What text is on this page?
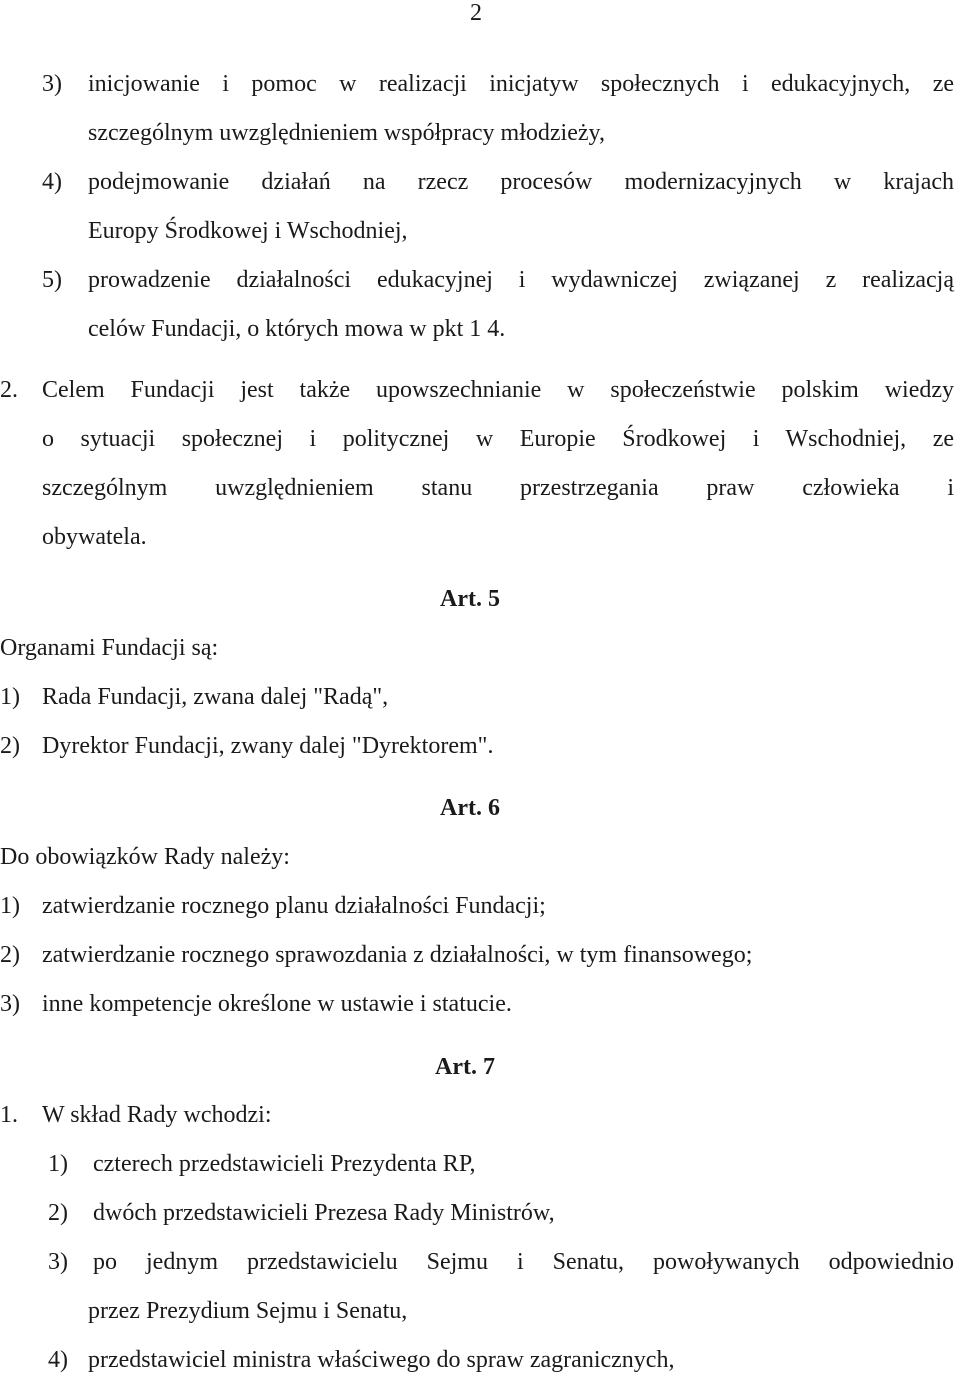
2
3) inicjowanie i pomoc w realizacji inicjatyw społecznych i edukacyjnych, ze
szczególnym uwzględnieniem współpracy młodzieży,
4) podejmowanie działań na rzecz procesów modernizacyjnych w krajach
Europy Środkowej i Wschodniej,
5) prowadzenie działalności edukacyjnej i wydawniczej związanej z realizacją
celów Fundacji, o których mowa w pkt 1 4.
2. Celem Fundacji jest także upowszechnianie w społeczeństwie polskim wiedzy
o sytuacji społecznej i politycznej w Europie Środkowej i Wschodniej, ze
szczególnym uwzględnieniem stanu przestrzegania praw człowieka i
obywatela.
Art. 5
Organami Fundacji są:
1) Rada Fundacji, zwana dalej "Radą",
2) Dyrektor Fundacji, zwany dalej "Dyrektorem".
Art. 6
Do obowiązków Rady należy:
1) zatwierdzanie rocznego planu działalności Fundacji;
2) zatwierdzanie rocznego sprawozdania z działalności, w tym finansowego;
3) inne kompetencje określone w ustawie i statucie.
Art. 7
1. W skład Rady wchodzi:
1) czterech przedstawicieli Prezydenta RP,
2) dwóch przedstawicieli Prezesa Rady Ministrów,
3) po jednym przedstawicielu Sejmu i Senatu, powoływanych odpowiednio
przez Prezydium Sejmu i Senatu,
4) przedstawiciel ministra właściwego do spraw zagranicznych,
